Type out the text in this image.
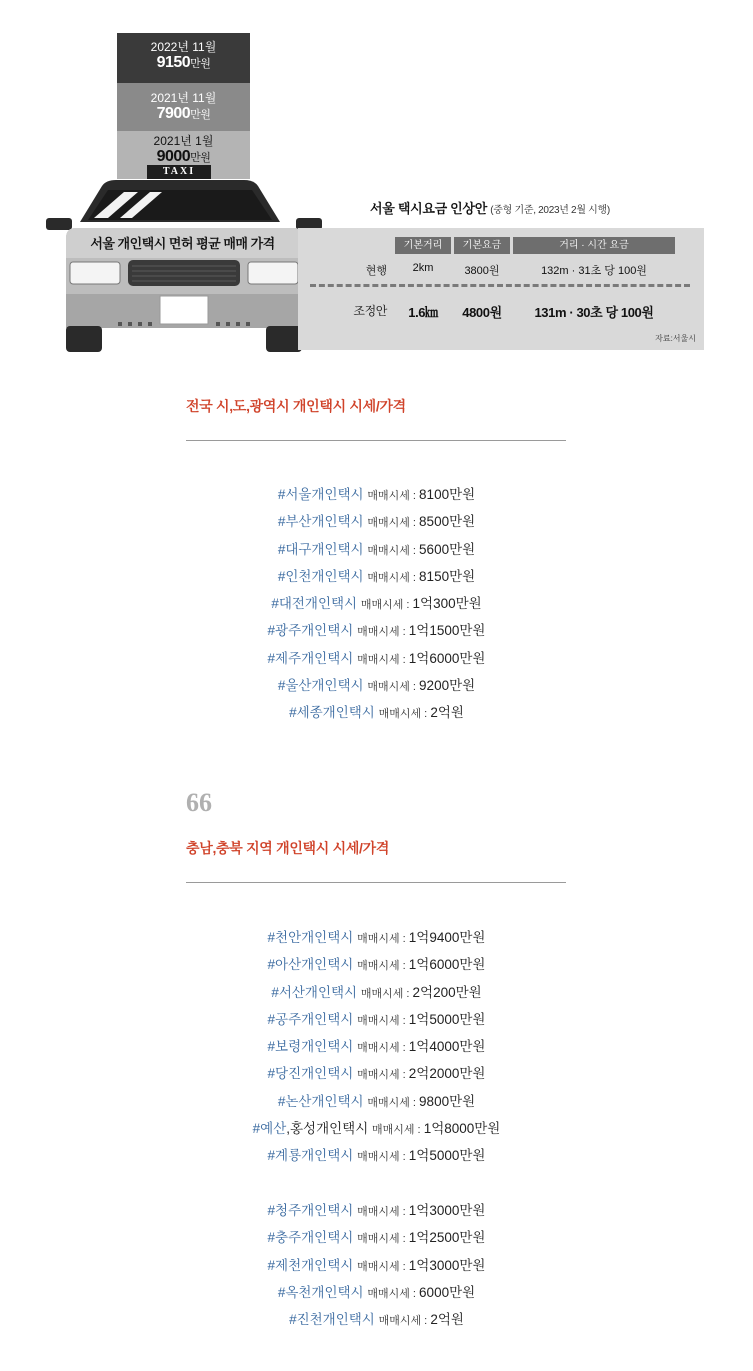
2022년 11월
9150만원
2021년 11월
7900만원
2021년 1월
9000만원
TAXI
서울 개인택시 면허 평균 매매 가격
서울 택시요금 인상안 (중형 기준, 2023년 2월 시행)
기본거리	기본요금	거리 · 시간 요금
현행	2km	3800원	132m · 31초 당 100원
조정안	1.6㎞	4800원	131m · 30초 당 100원
자료:서울시
전국 시,도,광역시 개인택시 시세/가격
#서울개인택시 매매시세 : 8100만원
#부산개인택시 매매시세 : 8500만원
#대구개인택시 매매시세 : 5600만원
#인천개인택시 매매시세 : 8150만원
#대전개인택시 매매시세 : 1억300만원
#광주개인택시 매매시세 : 1억1500만원
#제주개인택시 매매시세 : 1억6000만원
#울산개인택시 매매시세 : 9200만원
#세종개인택시 매매시세 : 2억원
66
충남,충북 지역 개인택시 시세/가격
#천안개인택시 매매시세 : 1억9400만원
#아산개인택시 매매시세 : 1억6000만원
#서산개인택시 매매시세 : 2억200만원
#공주개인택시 매매시세 : 1억5000만원
#보령개인택시 매매시세 : 1억4000만원
#당진개인택시 매매시세 : 2억2000만원
#논산개인택시 매매시세 : 9800만원
#예산,홍성개인택시 매매시세 : 1억8000만원
#계룡개인택시 매매시세 : 1억5000만원
#청주개인택시 매매시세 : 1억3000만원
#충주개인택시 매매시세 : 1억2500만원
#제천개인택시 매매시세 : 1억3000만원
#옥천개인택시 매매시세 : 6000만원
#진천개인택시 매매시세 : 2억원
